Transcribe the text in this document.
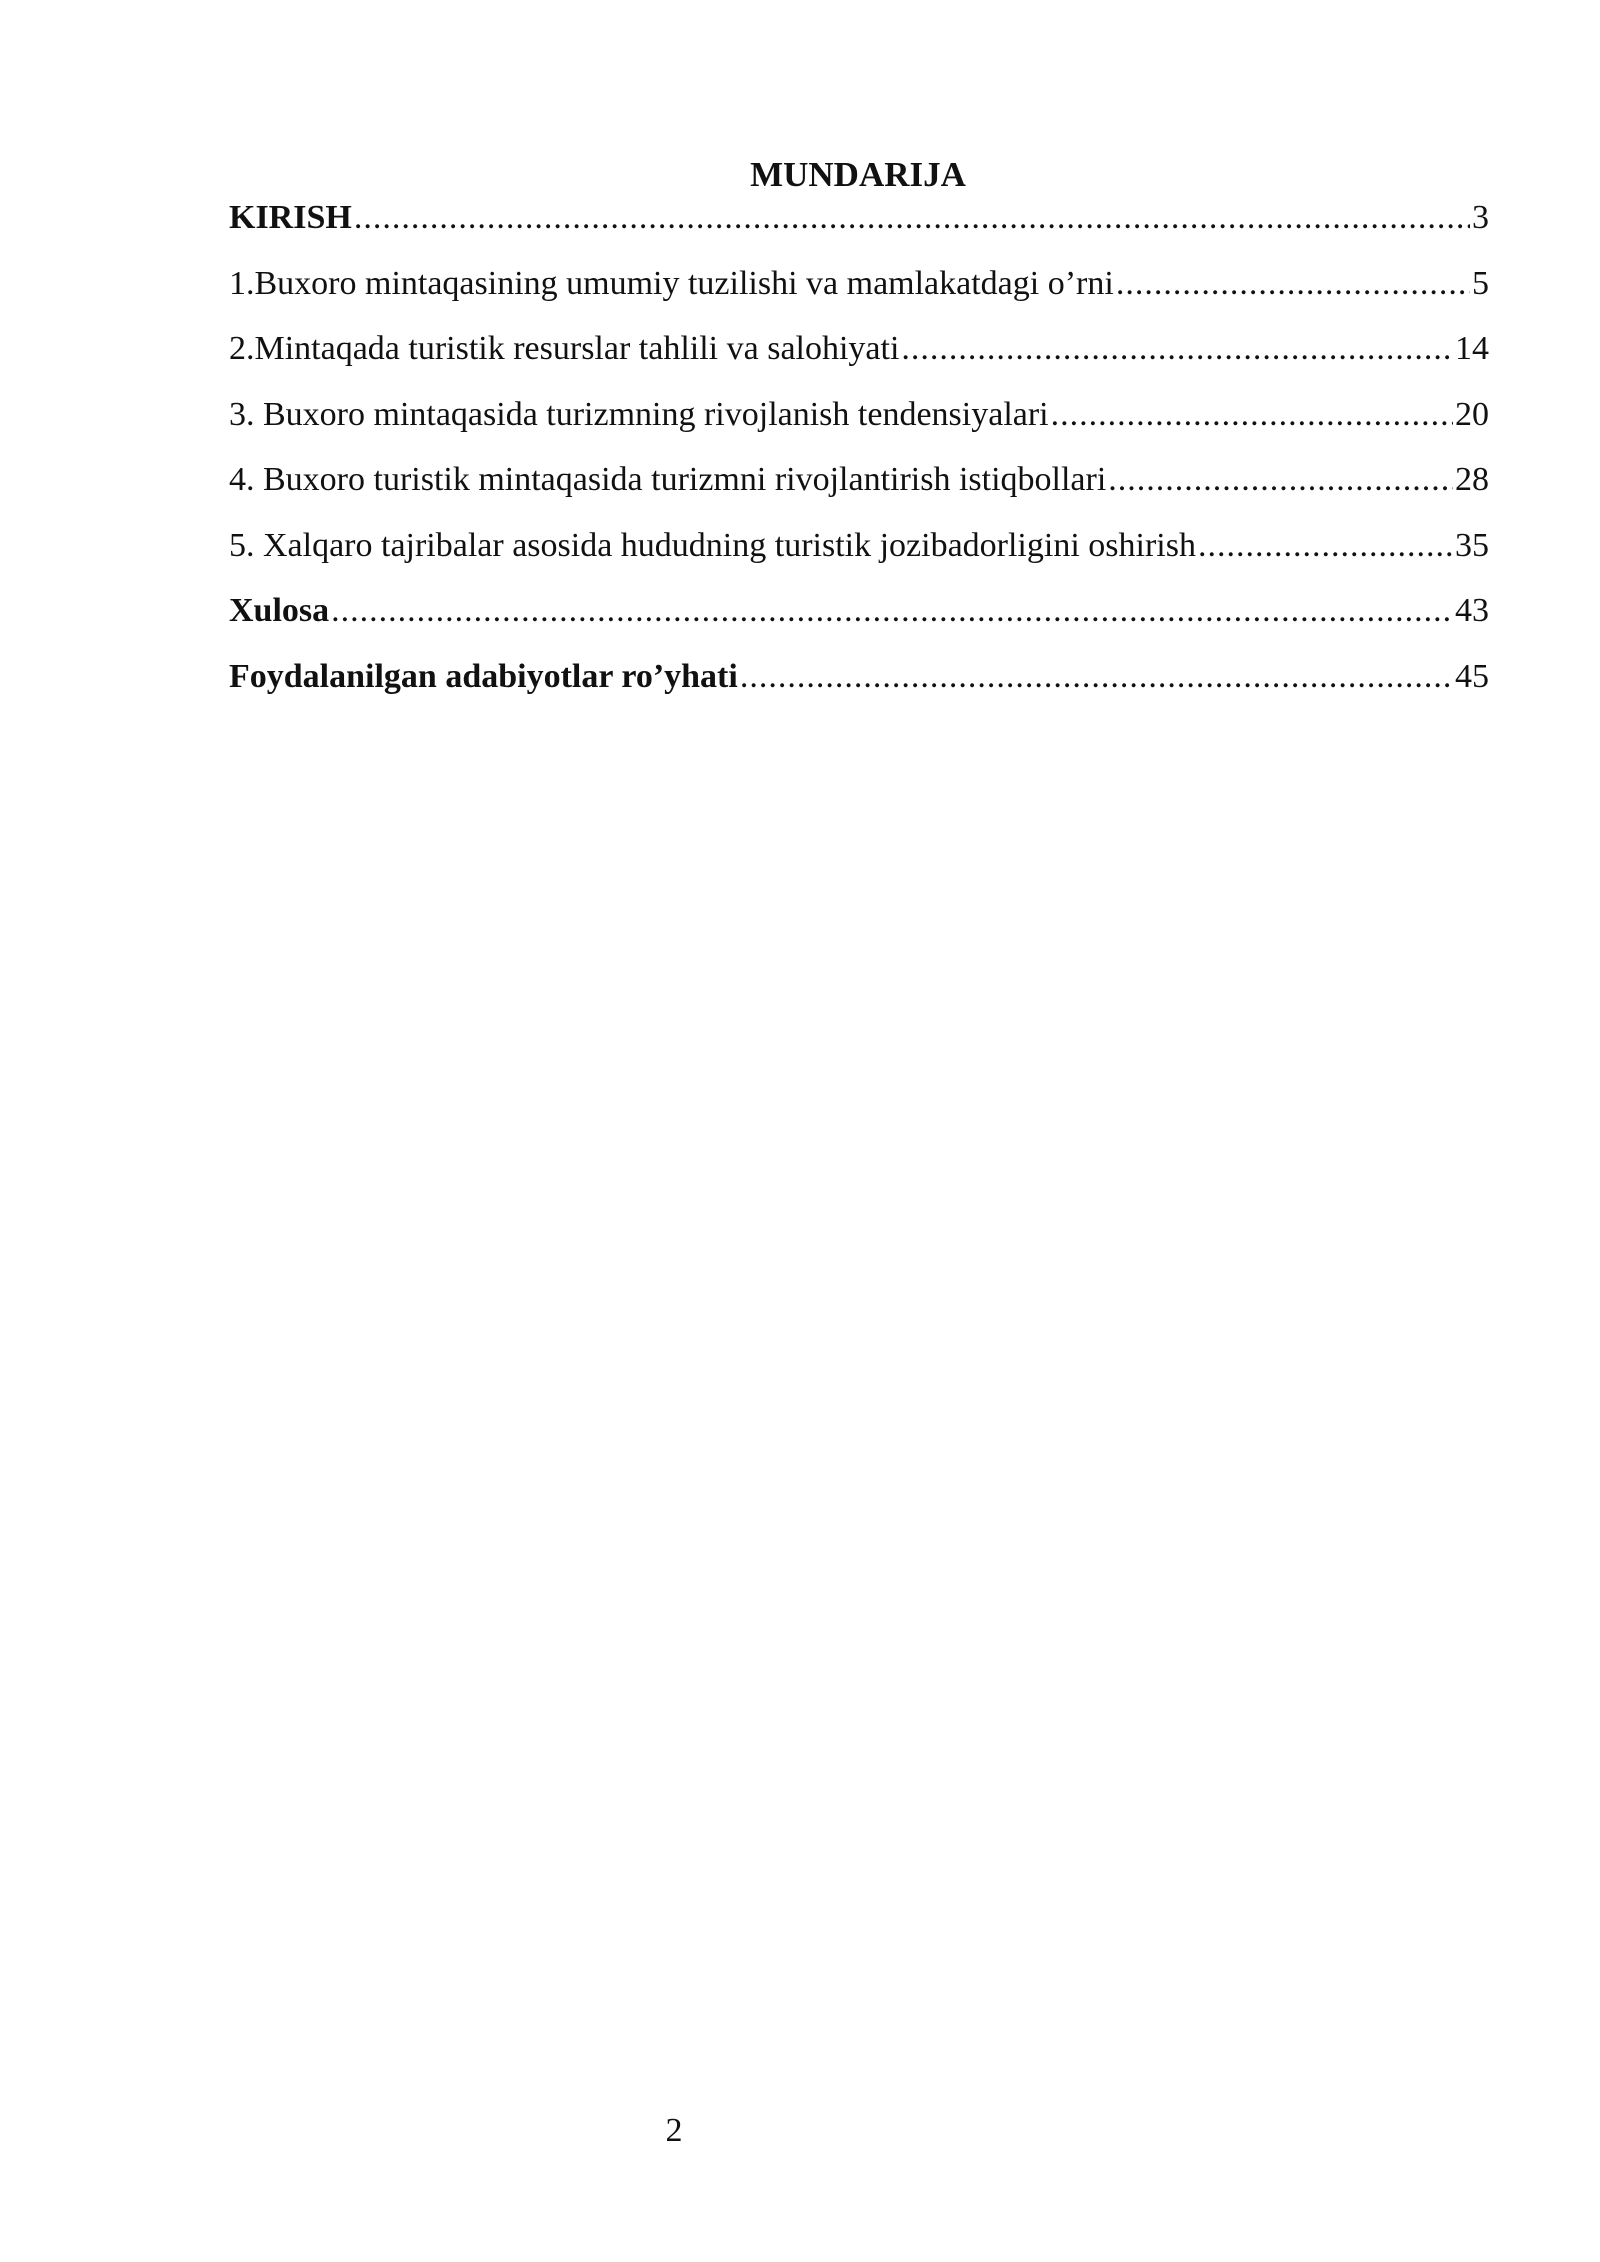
MUNDARIJA
KIRISH .....	3
1.Buxoro mintaqasining umumiy tuzilishi va mamlakatdagi o’rni .....	5
2.Mintaqada turistik resurslar tahlili va salohiyati .....	14
3. Buxoro mintaqasida turizmning rivojlanish tendensiyalari .....	20
4. Buxoro turistik mintaqasida turizmni rivojlantirish istiqbollari .....	28
5. Xalqaro tajribalar asosida hududning turistik jozibadorligini oshirish .....	35
Xulosa .....	43
Foydalanilgan adabiyotlar ro’yhati .....	45
2
